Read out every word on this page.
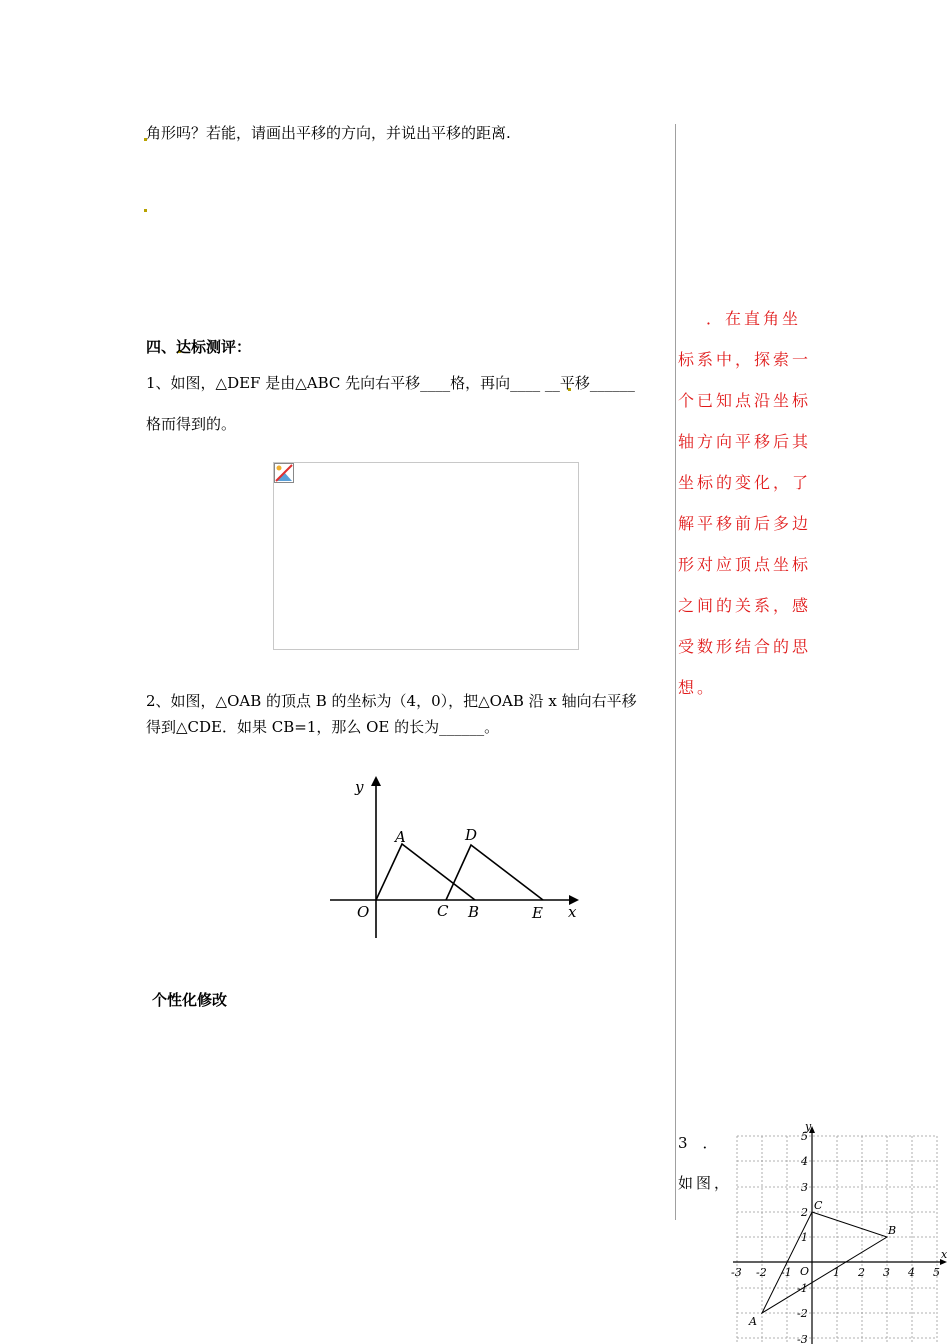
角形吗？若能，请画出平移的方向，并说出平移的距离.
四、达标测评：
1、如图，△DEF 是由△ABC 先向右平移____格，再向____ __平移______
格而得到的。
2、如图，△OAB 的顶点 B 的坐标为（4，0），把△OAB 沿 x 轴向右平移
得到△CDE．如果 CB=1，那么 OE 的长为______。
y
x
O
A
B
C
D
E
个性化修改
．在直角坐
标系中，探索一
个已知点沿坐标
轴方向平移后其
坐标的变化，了
解平移前后多边
形对应顶点坐标
之间的关系，感
受数形结合的思
想。
3　．
如图，
-3 -2 -1	1 2 3 4 5
5
4
3
2
1
-1
-2
-3
O
x
y
A
B
C
